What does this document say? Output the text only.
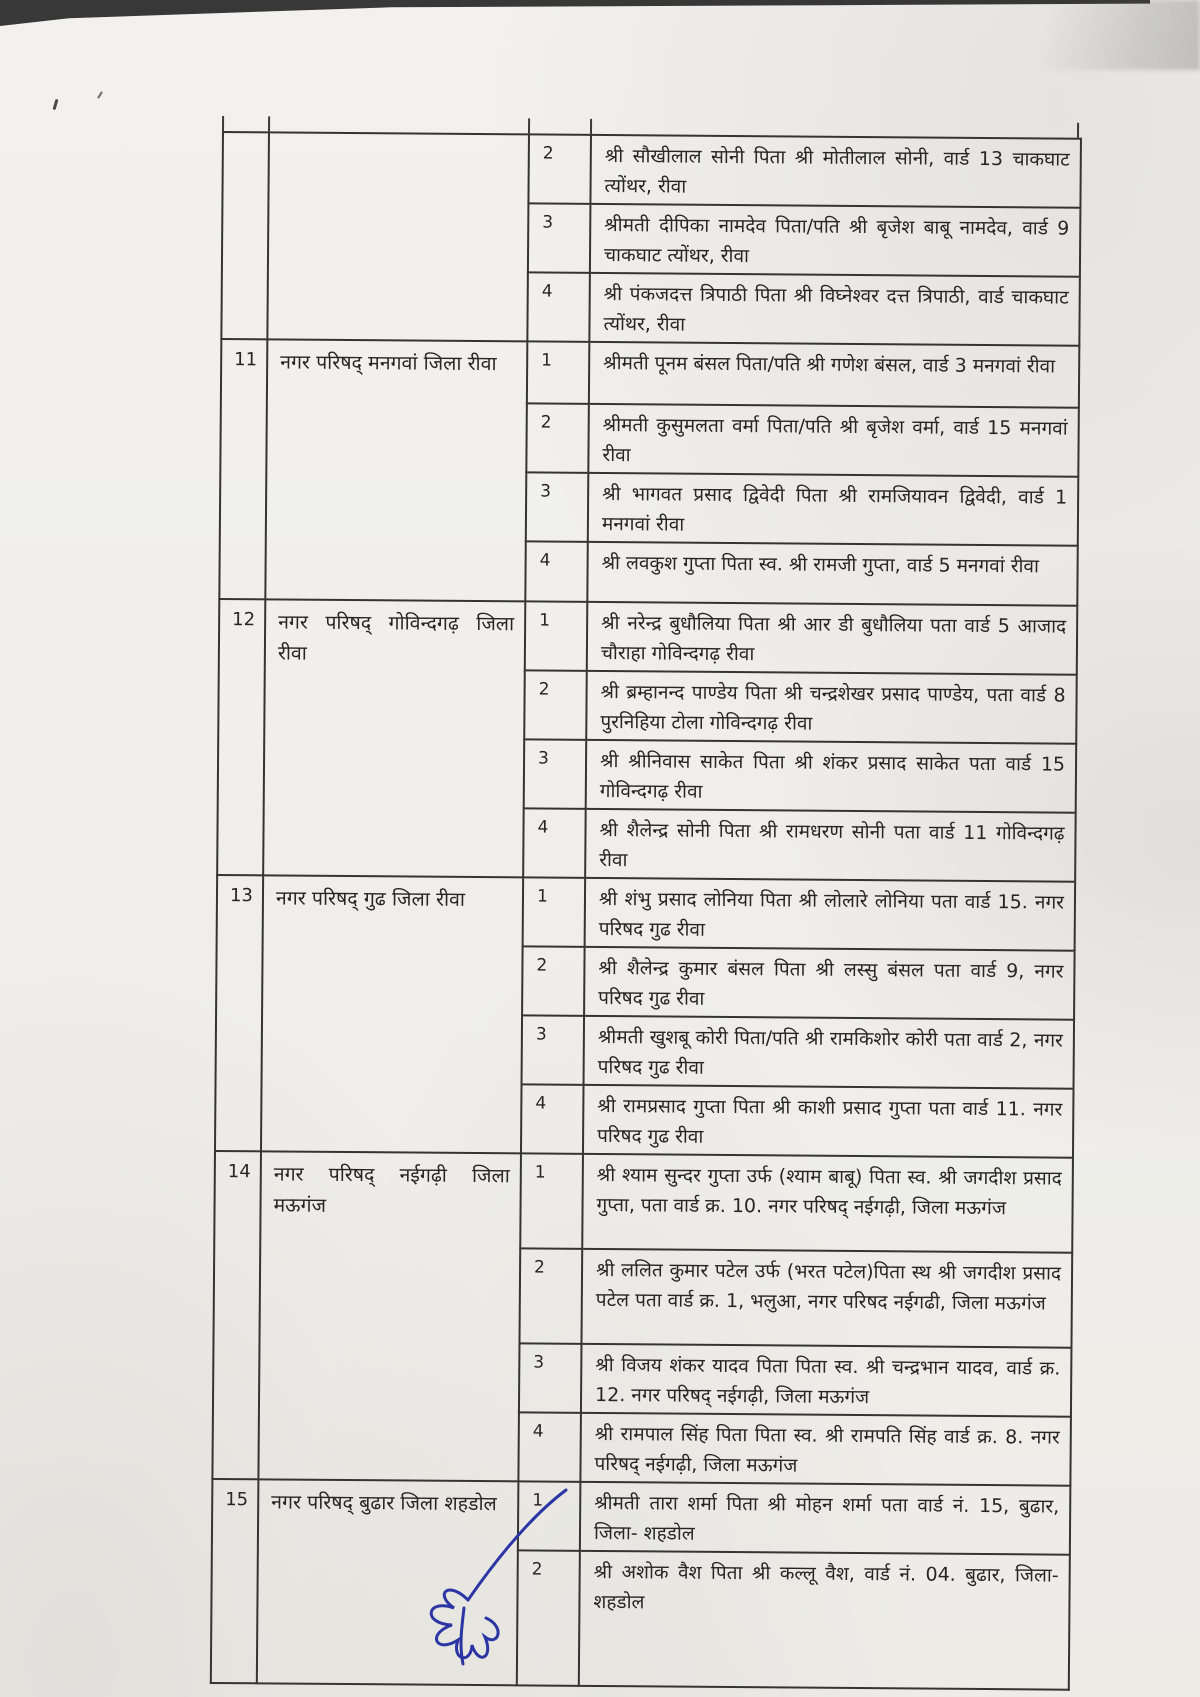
		2	श्री सौखीलाल सोनी पिता श्री मोतीलाल सोनी, वार्ड 13 चाकघाट त्योंथर, रीवा
		3	श्रीमती दीपिका नामदेव पिता/पति श्री बृजेश बाबू नामदेव, वार्ड 9 चाकघाट त्योंथर, रीवा
		4	श्री पंकजदत्त त्रिपाठी पिता श्री विघ्नेश्वर दत्त त्रिपाठी, वार्ड चाकघाट त्योंथर, रीवा
11	नगर परिषद् मनगवां जिला रीवा	1	श्रीमती पूनम बंसल पिता/पति श्री गणेश बंसल, वार्ड 3 मनगवां रीवा
		2	श्रीमती कुसुमलता वर्मा पिता/पति श्री बृजेश वर्मा, वार्ड 15 मनगवां रीवा
		3	श्री भागवत प्रसाद द्विवेदी पिता श्री रामजियावन द्विवेदी, वार्ड 1 मनगवां रीवा
		4	श्री लवकुश गुप्ता पिता स्व. श्री रामजी गुप्ता, वार्ड 5 मनगवां रीवा
12	नगर परिषद् गोविन्दगढ़ जिला रीवा	1	श्री नरेन्द्र बुधौलिया पिता श्री आर डी बुधौलिया पता वार्ड 5 आजाद चौराहा गोविन्दगढ़ रीवा
		2	श्री ब्रम्हानन्द पाण्डेय पिता श्री चन्द्रशेखर प्रसाद पाण्डेय, पता वार्ड 8 पुरनिहिया टोला गोविन्दगढ़ रीवा
		3	श्री श्रीनिवास साकेत पिता श्री शंकर प्रसाद साकेत पता वार्ड 15 गोविन्दगढ़ रीवा
		4	श्री शैलेन्द्र सोनी पिता श्री रामधरण सोनी पता वार्ड 11 गोविन्दगढ़ रीवा
13	नगर परिषद् गुढ जिला रीवा	1	श्री शंभु प्रसाद लोनिया पिता श्री लोलारे लोनिया पता वार्ड 15. नगर परिषद गुढ रीवा
		2	श्री शैलेन्द्र कुमार बंसल पिता श्री लस्सु बंसल पता वार्ड 9, नगर परिषद गुढ रीवा
		3	श्रीमती खुशबू कोरी पिता/पति श्री रामकिशोर कोरी पता वार्ड 2, नगर परिषद गुढ रीवा
		4	श्री रामप्रसाद गुप्ता पिता श्री काशी प्रसाद गुप्ता पता वार्ड 11. नगर परिषद गुढ रीवा
14	नगर परिषद् नईगढ़ी जिला मऊगंज	1	श्री श्याम सुन्दर गुप्ता उर्फ (श्याम बाबू) पिता स्व. श्री जगदीश प्रसाद गुप्ता, पता वार्ड क्र. 10. नगर परिषद् नईगढ़ी, जिला मऊगंज
		2	श्री ललित कुमार पटेल उर्फ (भरत पटेल)पिता स्थ श्री जगदीश प्रसाद पटेल पता वार्ड क्र. 1, भलुआ, नगर परिषद नईगढी, जिला मऊगंज
		3	श्री विजय शंकर यादव पिता पिता स्व. श्री चन्द्रभान यादव, वार्ड क्र. 12. नगर परिषद् नईगढ़ी, जिला मऊगंज
		4	श्री रामपाल सिंह पिता पिता स्व. श्री रामपति सिंह वार्ड क्र. 8. नगर परिषद् नईगढ़ी, जिला मऊगंज
15	नगर परिषद् बुढार जिला शहडोल	1	श्रीमती तारा शर्मा पिता श्री मोहन शर्मा पता वार्ड नं. 15, बुढार, जिला- शहडोल
		2	श्री अशोक वैश पिता श्री कल्लू वैश, वार्ड नं. 04. बुढार, जिला- शहडोल
